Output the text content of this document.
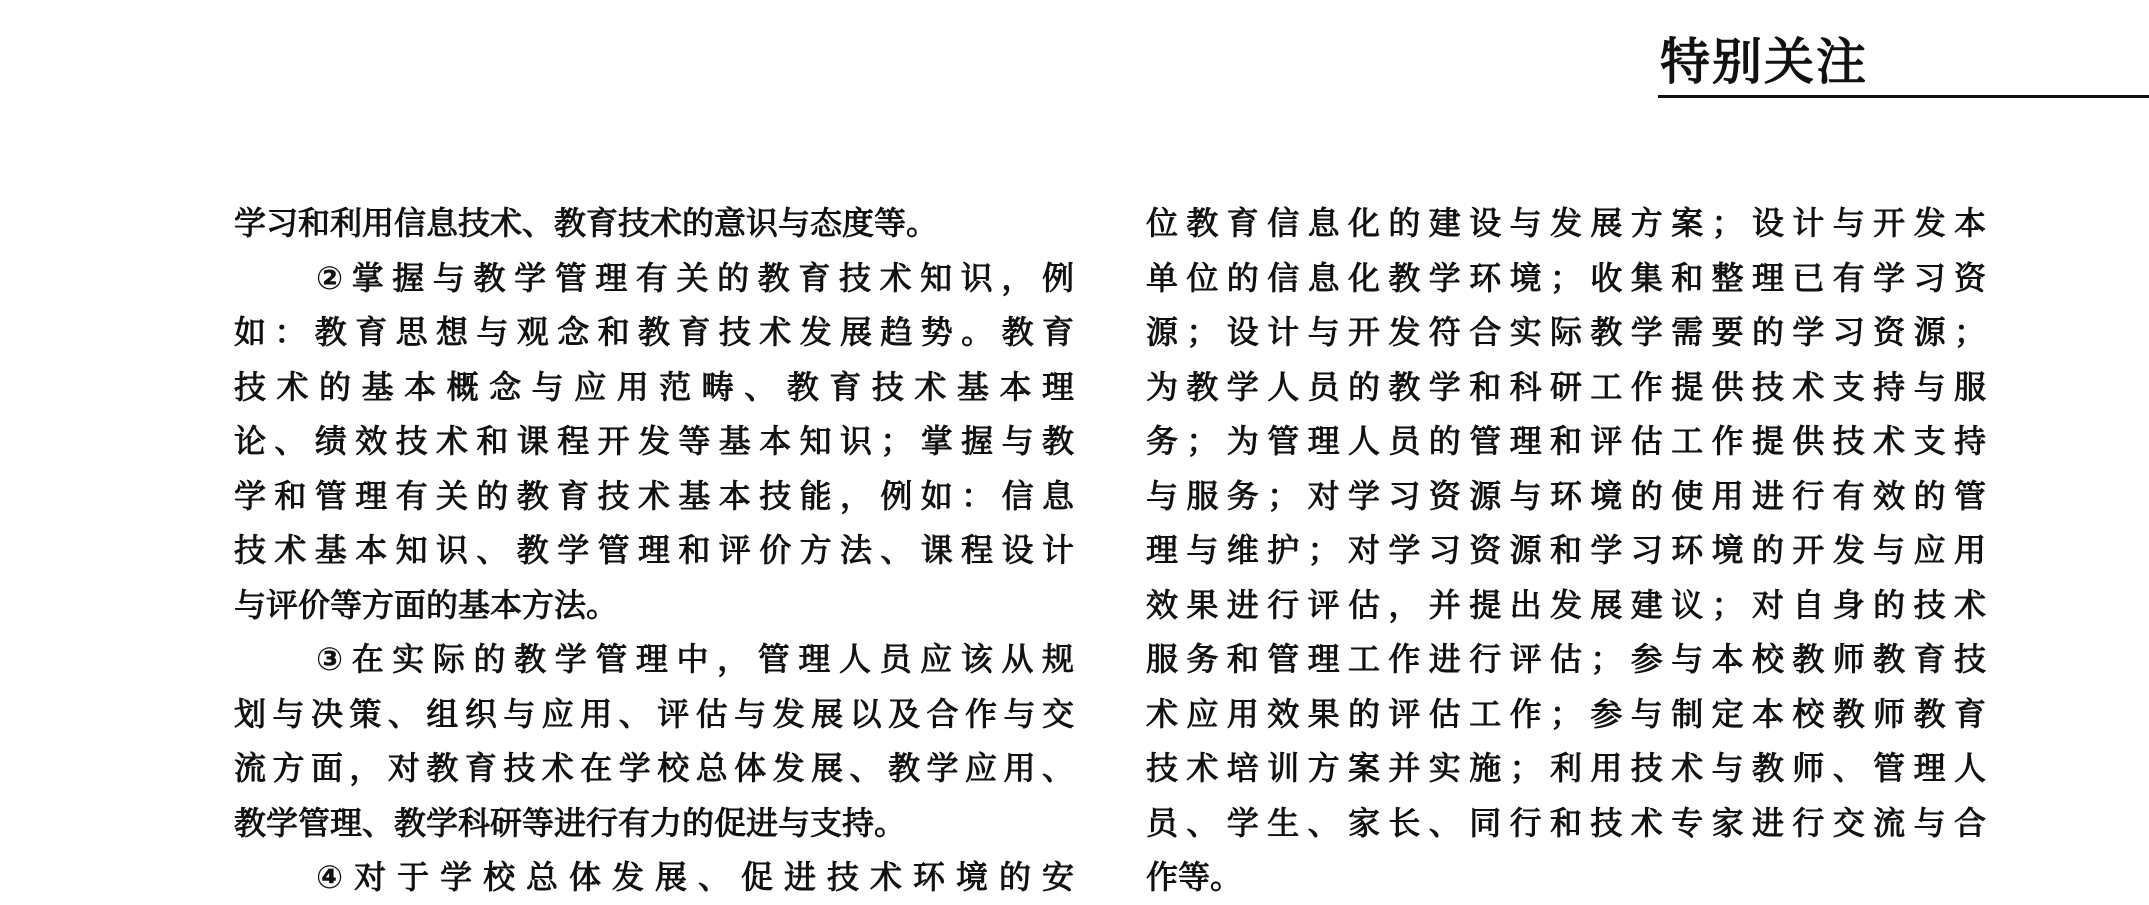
特别关注
学习和利用信息技术、教育技术的意识与态度等。
②掌握与教学管理有关的教育技术知识，例
如：教育思想与观念和教育技术发展趋势。教育
技术的基本概念与应用范畴、教育技术基本理
论、绩效技术和课程开发等基本知识；掌握与教
学和管理有关的教育技术基本技能，例如：信息
技术基本知识、教学管理和评价方法、课程设计
与评价等方面的基本方法。
③在实际的教学管理中，管理人员应该从规
划与决策、组织与应用、评估与发展以及合作与交
流方面，对教育技术在学校总体发展、教学应用、
教学管理、教学科研等进行有力的促进与支持。
④对于学校总体发展、促进技术环境的安
位教育信息化的建设与发展方案；设计与开发本
单位的信息化教学环境；收集和整理已有学习资
源；设计与开发符合实际教学需要的学习资源；
为教学人员的教学和科研工作提供技术支持与服
务；为管理人员的管理和评估工作提供技术支持
与服务；对学习资源与环境的使用进行有效的管
理与维护；对学习资源和学习环境的开发与应用
效果进行评估，并提出发展建议；对自身的技术
服务和管理工作进行评估；参与本校教师教育技
术应用效果的评估工作；参与制定本校教师教育
技术培训方案并实施；利用技术与教师、管理人
员、学生、家长、同行和技术专家进行交流与合
作等。
